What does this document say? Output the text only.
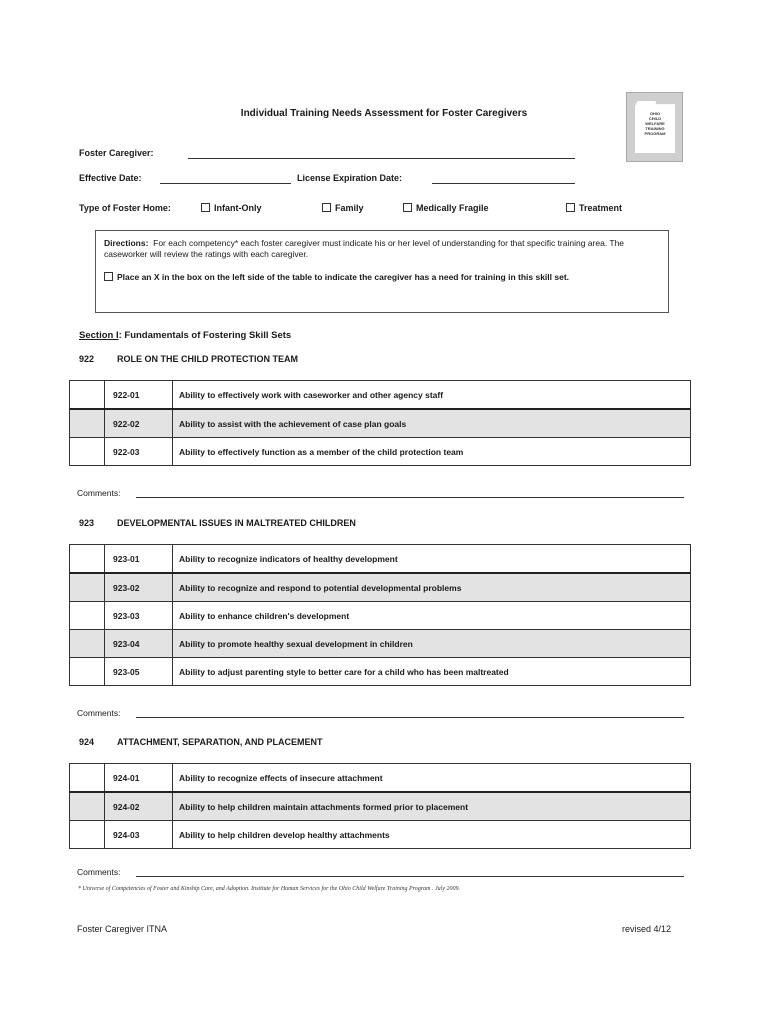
Individual Training Needs Assessment for Foster Caregivers	OHIO
CHILD
WELFARE
TRAINING
PROGRAM
Foster Caregiver:
Effective Date:	License Expiration Date:
Type of Foster Home:	Infant-Only	Family	Medically Fragile	Treatment
Directions: For each competency* each foster caregiver must indicate his or her level of understanding for that specific training area. The caseworker will review the ratings with each caregiver.
Place an X in the box on the left side of the table to indicate the caregiver has a need for training in this skill set.
Section I: Fundamentals of Fostering Skill Sets
922	ROLE ON THE CHILD PROTECTION TEAM
	922-01	Ability to effectively work with caseworker and other agency staff
	922-02	Ability to assist with the achievement of case plan goals
	922-03	Ability to effectively function as a member of the child protection team
Comments:
923	DEVELOPMENTAL ISSUES IN MALTREATED CHILDREN
	923-01	Ability to recognize indicators of healthy development
	923-02	Ability to recognize and respond to potential developmental problems
	923-03	Ability to enhance children's development
	923-04	Ability to promote healthy sexual development in children
	923-05	Ability to adjust parenting style to better care for a child who has been maltreated
Comments:
924	ATTACHMENT, SEPARATION, AND PLACEMENT
	924-01	Ability to recognize effects of insecure attachment
	924-02	Ability to help children maintain attachments formed prior to placement
	924-03	Ability to help children develop healthy attachments
Comments:
* Universe of Competencies of Foster and Kinship Care, and Adoption. Institute for Human Services for the Ohio Child Welfare Training Program . July 2009.
Foster Caregiver ITNA	revised 4/12
